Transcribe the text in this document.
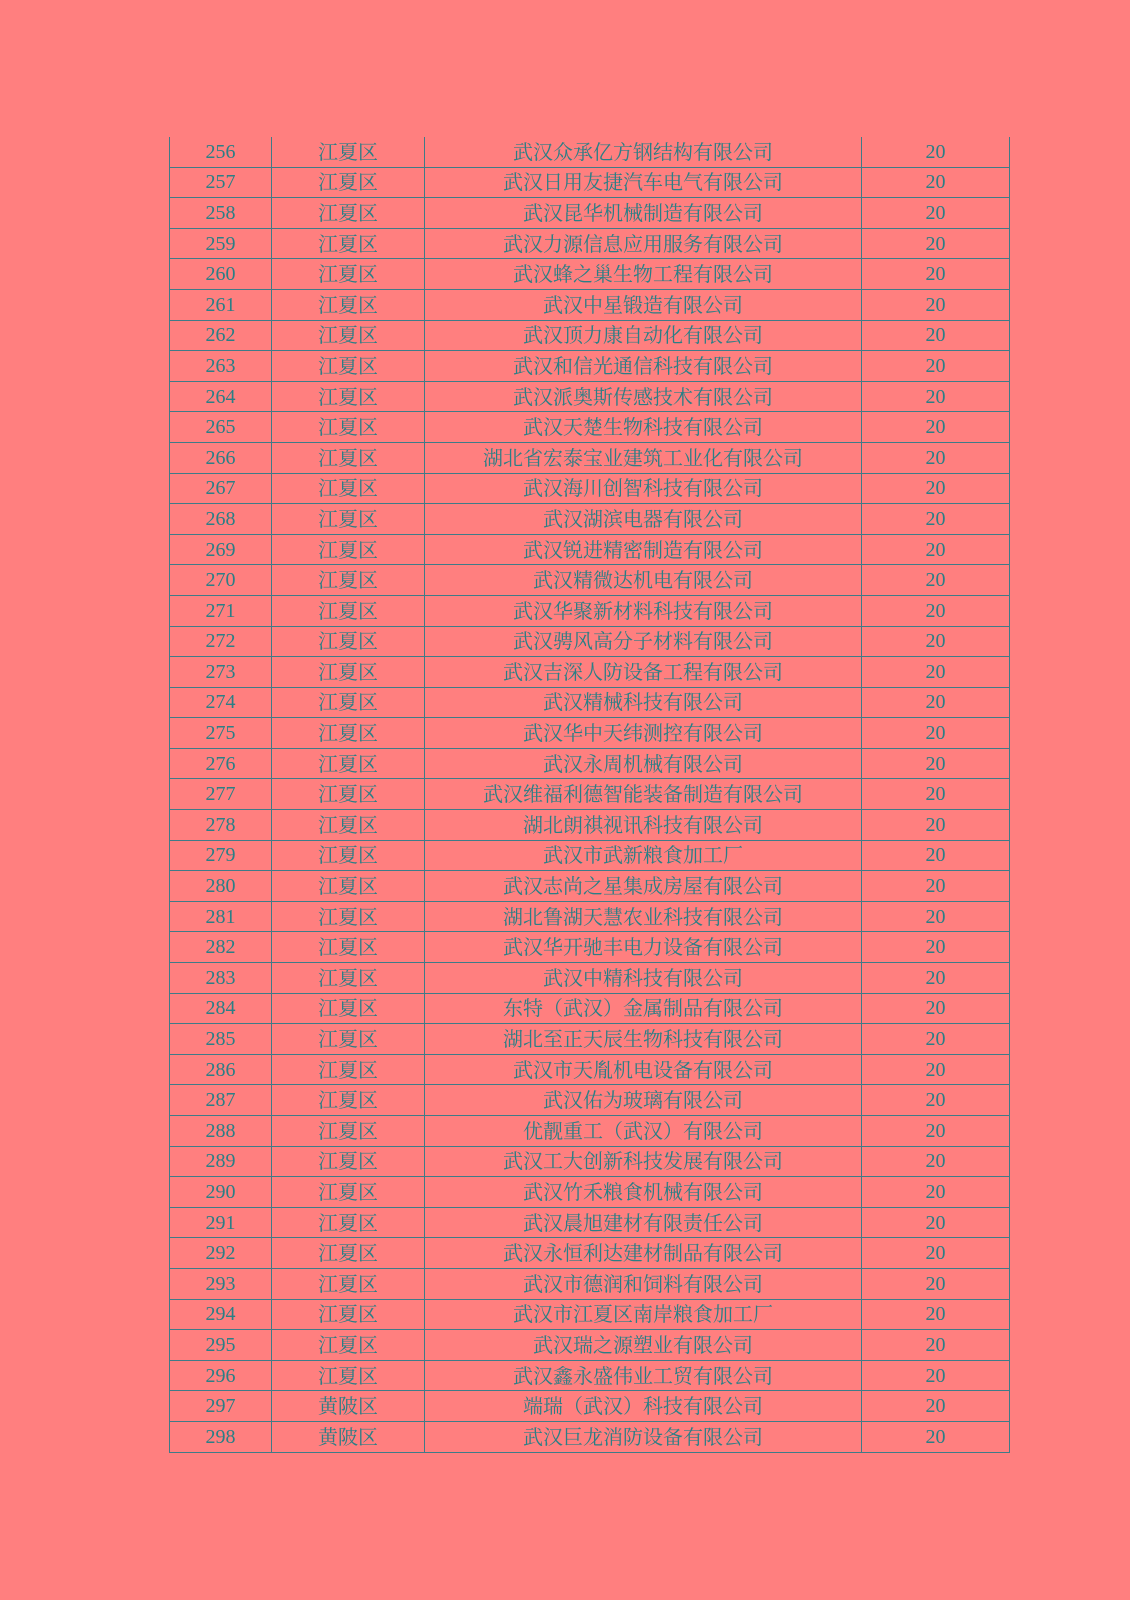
256	江夏区	武汉众承亿方钢结构有限公司	20
257	江夏区	武汉日用友捷汽车电气有限公司	20
258	江夏区	武汉昆华机械制造有限公司	20
259	江夏区	武汉力源信息应用服务有限公司	20
260	江夏区	武汉蜂之巢生物工程有限公司	20
261	江夏区	武汉中星锻造有限公司	20
262	江夏区	武汉顶力康自动化有限公司	20
263	江夏区	武汉和信光通信科技有限公司	20
264	江夏区	武汉派奥斯传感技术有限公司	20
265	江夏区	武汉天楚生物科技有限公司	20
266	江夏区	湖北省宏泰宝业建筑工业化有限公司	20
267	江夏区	武汉海川创智科技有限公司	20
268	江夏区	武汉湖滨电器有限公司	20
269	江夏区	武汉锐进精密制造有限公司	20
270	江夏区	武汉精微达机电有限公司	20
271	江夏区	武汉华聚新材料科技有限公司	20
272	江夏区	武汉骋风高分子材料有限公司	20
273	江夏区	武汉吉深人防设备工程有限公司	20
274	江夏区	武汉精械科技有限公司	20
275	江夏区	武汉华中天纬测控有限公司	20
276	江夏区	武汉永周机械有限公司	20
277	江夏区	武汉维福利德智能装备制造有限公司	20
278	江夏区	湖北朗祺视讯科技有限公司	20
279	江夏区	武汉市武新粮食加工厂	20
280	江夏区	武汉志尚之星集成房屋有限公司	20
281	江夏区	湖北鲁湖天慧农业科技有限公司	20
282	江夏区	武汉华开驰丰电力设备有限公司	20
283	江夏区	武汉中精科技有限公司	20
284	江夏区	东特（武汉）金属制品有限公司	20
285	江夏区	湖北至正天辰生物科技有限公司	20
286	江夏区	武汉市天胤机电设备有限公司	20
287	江夏区	武汉佑为玻璃有限公司	20
288	江夏区	优靓重工（武汉）有限公司	20
289	江夏区	武汉工大创新科技发展有限公司	20
290	江夏区	武汉竹禾粮食机械有限公司	20
291	江夏区	武汉晨旭建材有限责任公司	20
292	江夏区	武汉永恒利达建材制品有限公司	20
293	江夏区	武汉市德润和饲料有限公司	20
294	江夏区	武汉市江夏区南岸粮食加工厂	20
295	江夏区	武汉瑞之源塑业有限公司	20
296	江夏区	武汉鑫永盛伟业工贸有限公司	20
297	黄陂区	端瑞（武汉）科技有限公司	20
298	黄陂区	武汉巨龙消防设备有限公司	20
